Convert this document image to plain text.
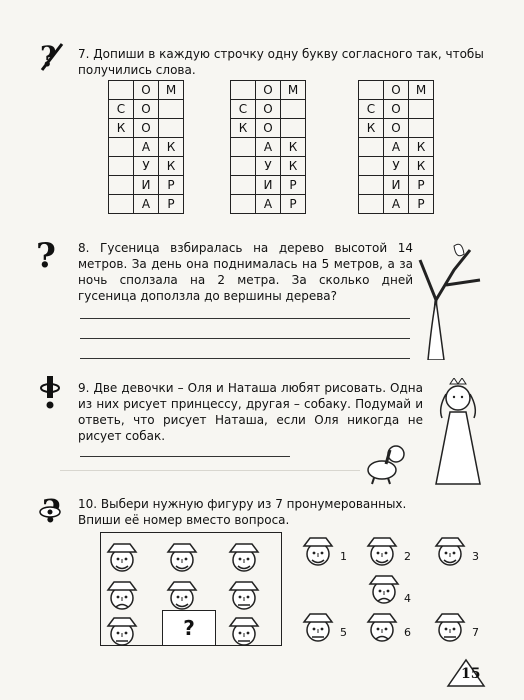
? 7. Допиши в каждую строчку одну букву согласного так, чтобы получились слова.
	О	М
С	О	
К	О	
	А	К
	У	К
	И	Р
	А	Р
	О	М
С	О	
К	О	
	А	К
	У	К
	И	Р
	А	Р
	О	М
С	О	
К	О	
	А	К
	У	К
	И	Р
	А	Р
? 8. Гусеница взбиралась на дерево высотой 14 метров. За день она поднималась на 5 метров, а за ночь сползала на 2 метра. За сколько дней гусеница доползла до вершины дерева?
9. Две девочки – Оля и Наташа любят рисовать. Одна из них рисует принцессу, другая – собаку. Подумай и ответь, что рисует Наташа, если Оля никогда не рисует собак.
10. Выбери нужную фигуру из 7 пронумерованных. Впиши её номер вместо вопроса.
?
1	2	3
4
5	6	7
15
